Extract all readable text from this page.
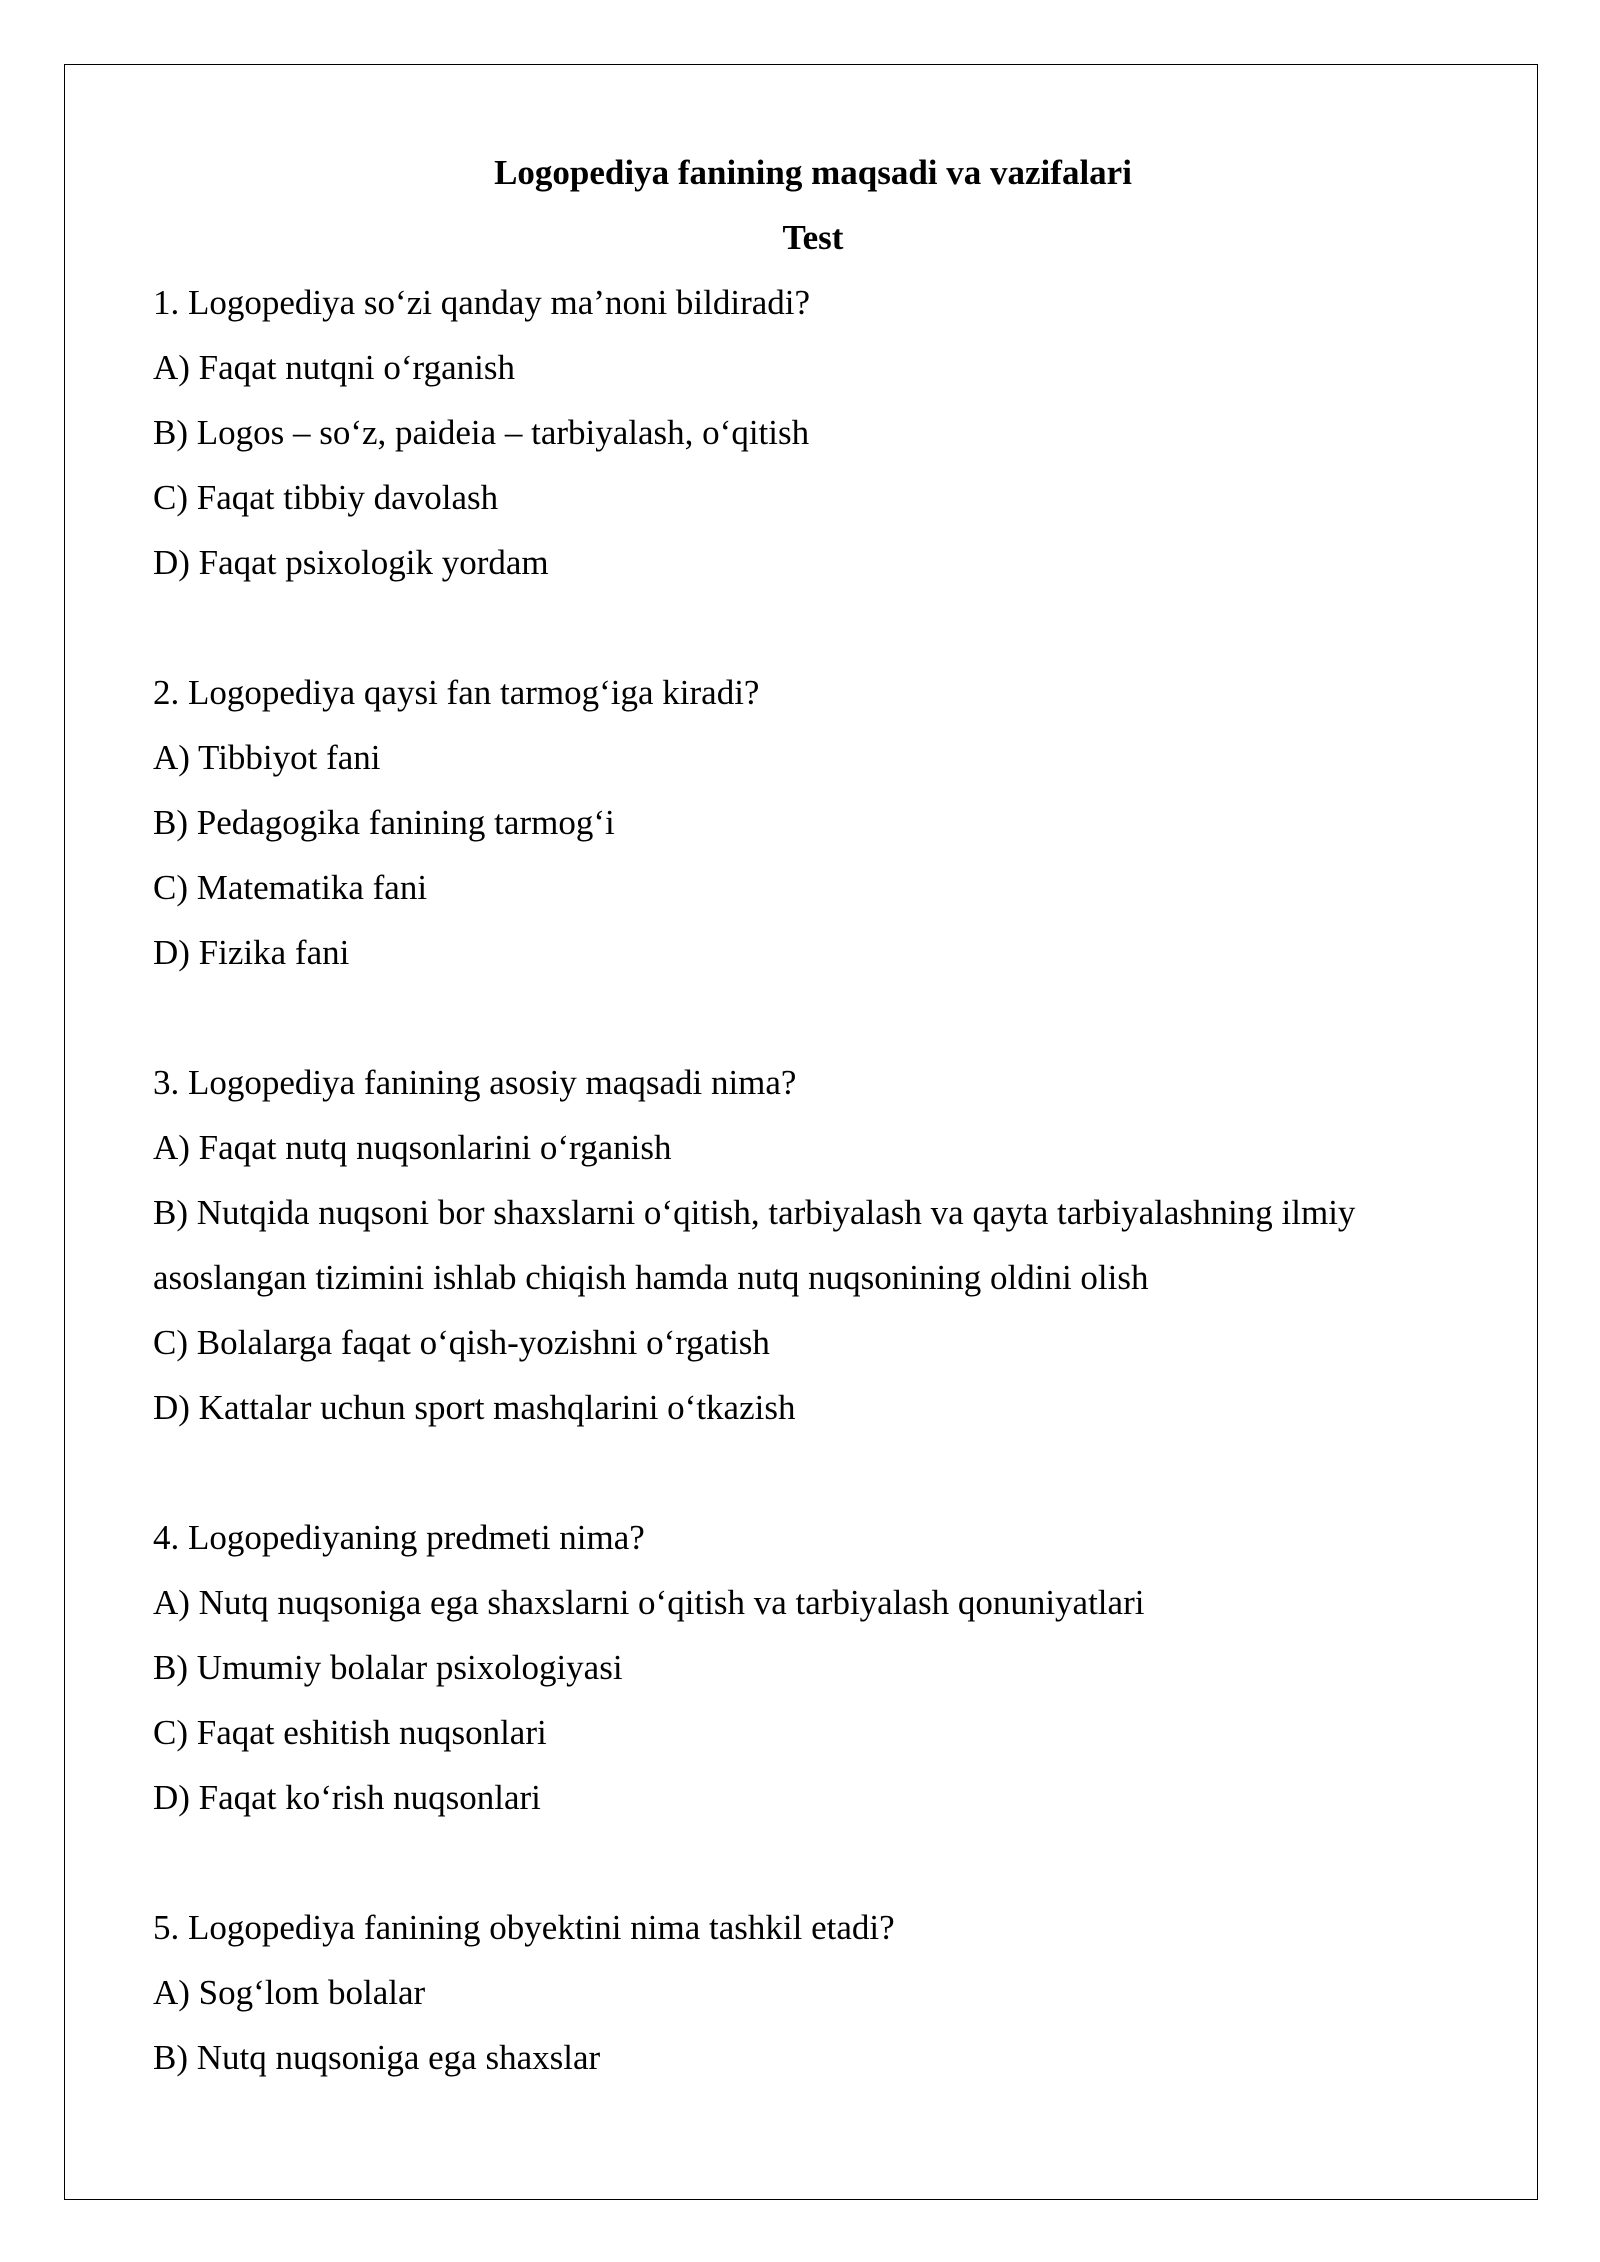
Logopediya fanining maqsadi va vazifalari
Test

1. Logopediya so‘zi qanday ma’noni bildiradi?

A) Faqat nutqni o‘rganish

B) Logos – so‘z, paideia – tarbiyalash, o‘qitish

C) Faqat tibbiy davolash

D) Faqat psixologik yordam

2. Logopediya qaysi fan tarmog‘iga kiradi?

A) Tibbiyot fani

B) Pedagogika fanining tarmog‘i

C) Matematika fani

D) Fizika fani

3. Logopediya fanining asosiy maqsadi nima?

A) Faqat nutq nuqsonlarini o‘rganish

B) Nutqida nuqsoni bor shaxslarni o‘qitish, tarbiyalash va qayta tarbiyalashning ilmiy asoslangan tizimini ishlab chiqish hamda nutq nuqsonining oldini olish

C) Bolalarga faqat o‘qish-yozishni o‘rgatish

D) Kattalar uchun sport mashqlarini o‘tkazish

4. Logopediyaning predmeti nima?

A) Nutq nuqsoniga ega shaxslarni o‘qitish va tarbiyalash qonuniyatlari

B) Umumiy bolalar psixologiyasi

C) Faqat eshitish nuqsonlari

D) Faqat ko‘rish nuqsonlari

5. Logopediya fanining obyektini nima tashkil etadi?

A) Sog‘lom bolalar

B) Nutq nuqsoniga ega shaxslar
